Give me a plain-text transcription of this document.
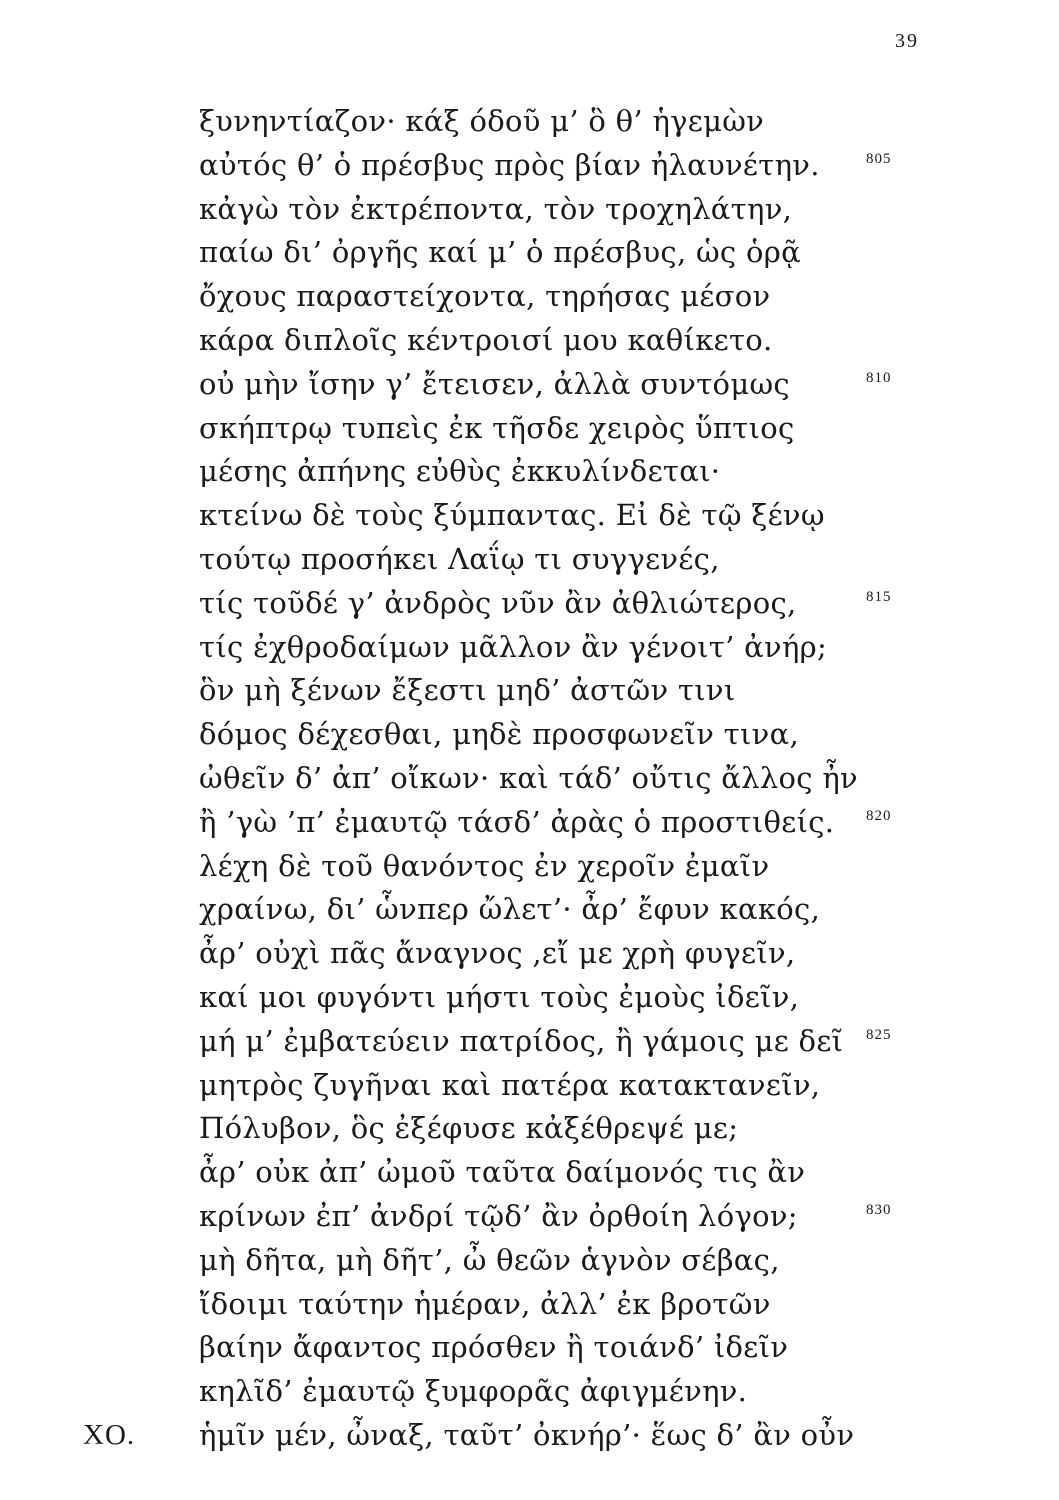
39
ξυνηντίαζον· κάξ όδοῦ μ’ ὃ θ’ ἡγεμὼν
αὐτός θ’ ὁ πρέσβυς πρὸς βίαν ἠλαυνέτην.	805
κἀγὼ τὸν ἐκτρέποντα, τὸν τροχηλάτην,
παίω δι’ ὀργῆς καί μ’ ὁ πρέσβυς, ὡς ὁρᾷ
ὄχους παραστείχοντα, τηρήσας μέσον
κάρα διπλοῖς κέντροισί μου καθίκετο.
οὐ μὴν ἴσην γ’ ἔτεισεν, ἀλλὰ συντόμως	810
σκήπτρῳ τυπεὶς ἐκ τῆσδε χειρὸς ὕπτιος
μέσης ἀπήνης εὐθὺς ἐκκυλίνδεται·
κτείνω δὲ τοὺς ξύμπαντας. Εἰ δὲ τῷ ξένῳ
τούτῳ προσήκει Λαΐῳ τι συγγενές,
τίς τοῦδέ γ’ ἀνδρὸς νῦν ἂν ἀθλιώτερος,	815
τίς ἐχθροδαίμων μᾶλλον ἂν γένοιτ’ ἀνήρ;
ὃν μὴ ξένων ἔξεστι μηδ’ ἀστῶν τινι
δόμος δέχεσθαι, μηδὲ προσφωνεῖν τινα,
ὠθεῖν δ’ ἀπ’ οἴκων· καὶ τάδ’ οὔτις ἄλλος ἦν
ἢ ’γὼ ’π’ ἐμαυτῷ τάσδ’ ἀρὰς ὁ προστιθείς. 820
λέχη δὲ τοῦ θανόντος ἐν χεροῖν ἐμαῖν
χραίνω, δι’ ὧνπερ ὤλετ’· ἆρ’ ἔφυν κακός,
ἆρ’ οὐχὶ πᾶς ἄναγνος ,εἴ με χρὴ φυγεῖν,
καί μοι φυγόντι μήστι τοὺς ἐμοὺς ἰδεῖν,
μή μ’ ἐμβατεύειν πατρίδος, ἢ γάμοις με δεῖ 825
μητρὸς ζυγῆναι καὶ πατέρα κατακτανεῖν,
Πόλυβον, ὃς ἐξέφυσε κἀξέθρεψέ με;
ἆρ’ οὐκ ἀπ’ ὠμοῦ ταῦτα δαίμονός τις ἂν
κρίνων ἐπ’ ἀνδρί τῷδ’ ἂν ὀρθοίη λόγον;	830
μὴ δῆτα, μὴ δῆτ’, ὦ θεῶν ἁγνὸν σέβας,
ἴδοιμι ταύτην ἡμέραν, ἀλλ’ ἐκ βροτῶν
βαίην ἄφαντος πρόσθεν ἢ τοιάνδ’ ἰδεῖν
κηλῖδ’ ἐμαυτῷ ξυμφορᾶς ἀφιγμένην.
ΧΟ. ἡμῖν μέν, ὦναξ, ταῦτ’ ὀκνήρ’· ἕως δ’ ἂν οὖν
